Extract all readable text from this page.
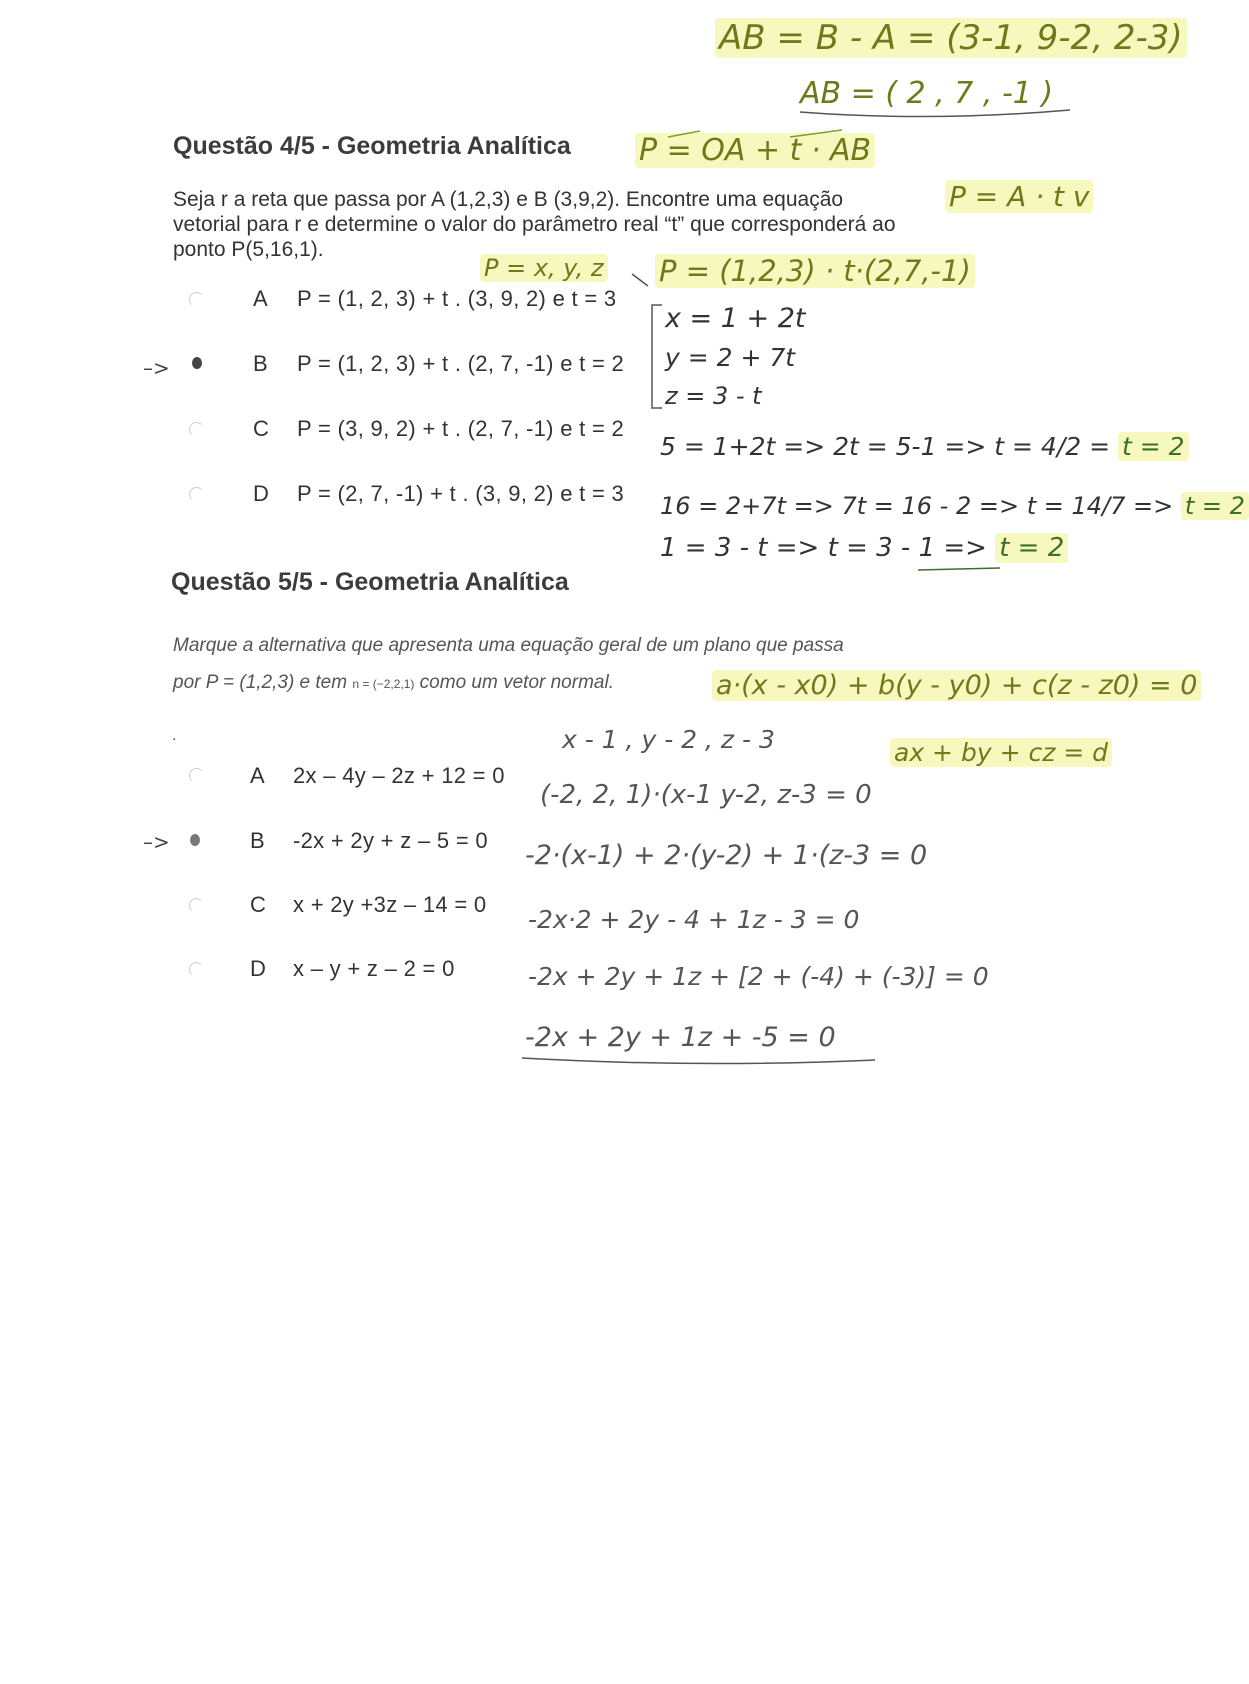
AB = B - A = (3-1, 9-2, 2-3)
AB = ( 2 , 7 , -1 )
Questão 4/5 - Geometria Analítica P = OA + t · AB
Seja r a reta que passa por A (1,2,3) e B (3,9,2). Encontre uma equação
vetorial para r e determine o valor do parâmetro real “t” que corresponderá ao
ponto P(5,16,1).
P = A · t v
P = x, y, z P = (1,2,3) · t·(2,7,-1)
–>
A P = (1, 2, 3) + t . (3, 9, 2) e t = 3
B P = (1, 2, 3) + t . (2, 7, -1) e t = 2
C P = (3, 9, 2) + t . (2, 7, -1) e t = 2
D P = (2, 7, -1) + t . (3, 9, 2) e t = 3
x = 1 + 2t
y = 2 + 7t
z = 3 - t
5 = 1+2t => 2t = 5-1 => t = 4/2 = t = 2
16 = 2+7t => 7t = 16 - 2 => t = 14/7 => t = 2
1 = 3 - t => t = 3 - 1 => t = 2
Questão 5/5 - Geometria Analítica
Marque a alternativa que apresenta uma equação geral de um plano que passa
por P = (1,2,3) e tem n = (−2,2,1) como um vetor normal.	a·(x - x0) + b(y - y0) + c(z - z0) = 0
.	x - 1 , y - 2 , z - 3	ax + by + cz = d
–>
A 2x – 4y – 2z + 12 = 0
B -2x + 2y + z – 5 = 0
C x + 2y +3z – 14 = 0
D x – y + z – 2 = 0
(-2, 2, 1)·(x-1 y-2, z-3 = 0
-2·(x-1) + 2·(y-2) + 1·(z-3 = 0
-2x·2 + 2y - 4 + 1z - 3 = 0
-2x + 2y + 1z + [2 + (-4) + (-3)] = 0
-2x + 2y + 1z + -5 = 0
